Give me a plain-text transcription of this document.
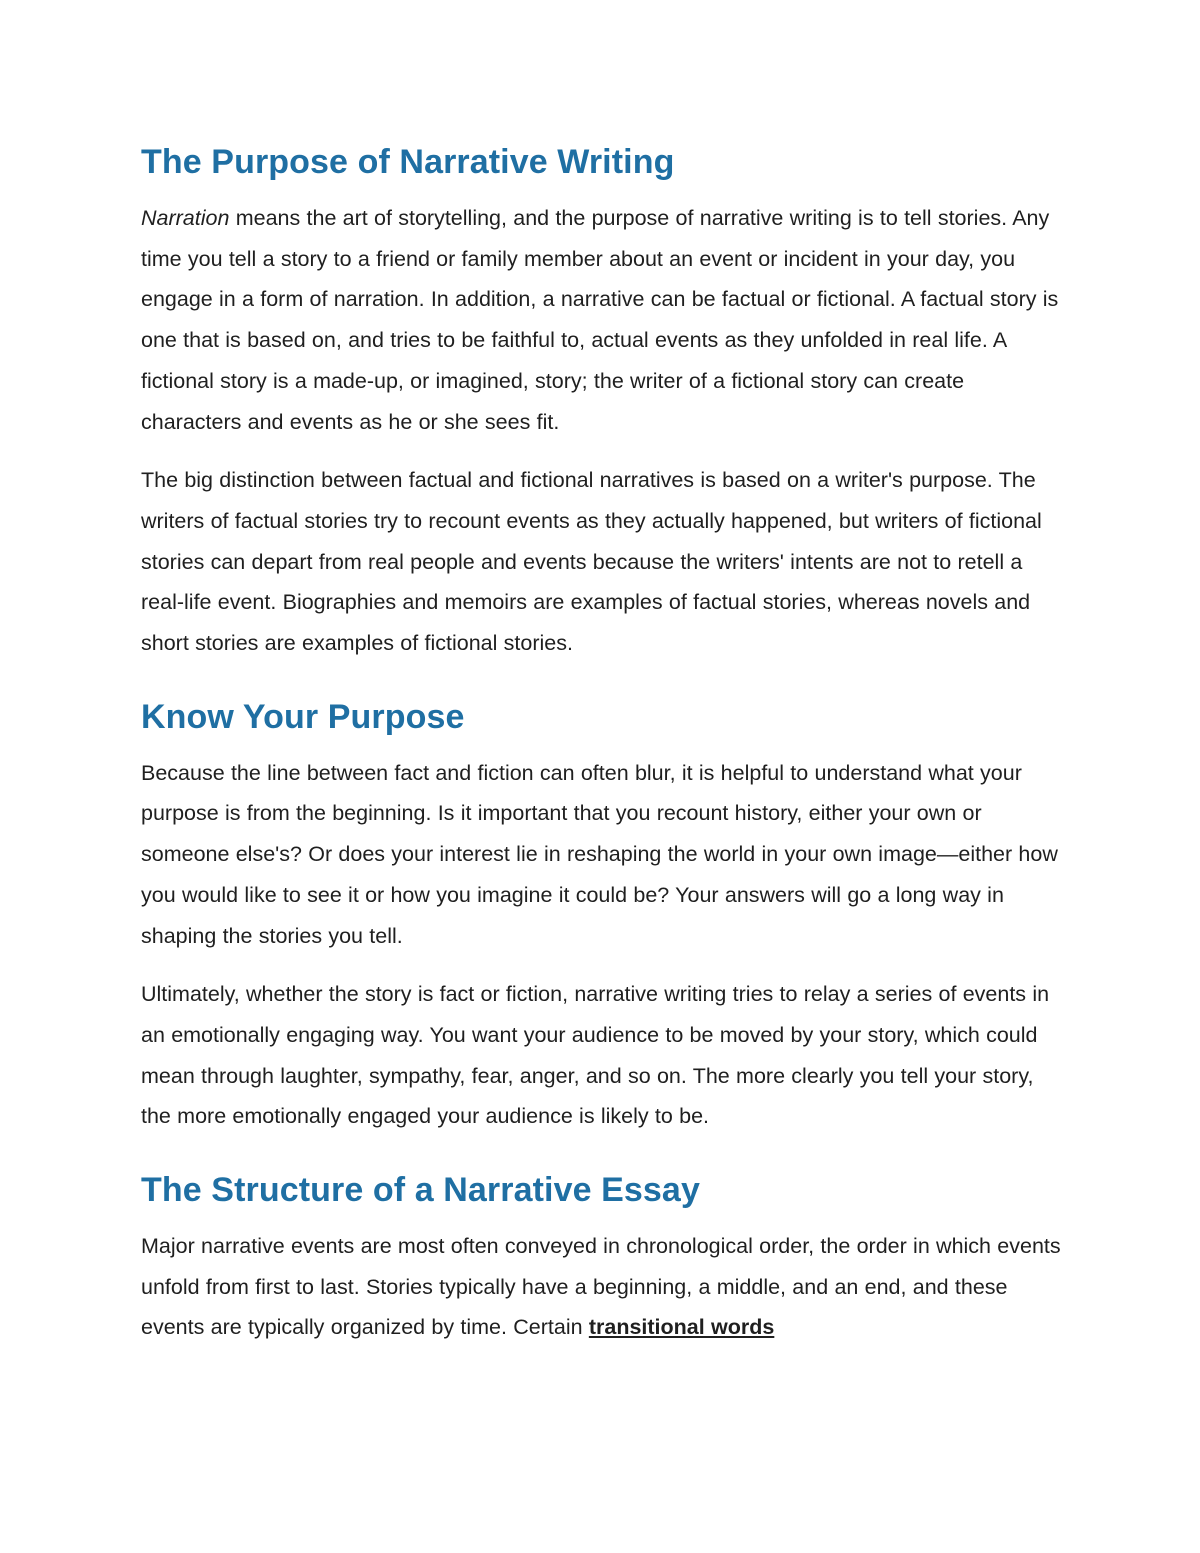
The Purpose of Narrative Writing

Narration means the art of storytelling, and the purpose of narrative writing is to tell stories. Any time you tell a story to a friend or family member about an event or incident in your day, you engage in a form of narration. In addition, a narrative can be factual or fictional. A factual story is one that is based on, and tries to be faithful to, actual events as they unfolded in real life. A fictional story is a made-up, or imagined, story; the writer of a fictional story can create characters and events as he or she sees fit.

The big distinction between factual and fictional narratives is based on a writer's purpose. The writers of factual stories try to recount events as they actually happened, but writers of fictional stories can depart from real people and events because the writers' intents are not to retell a real-life event. Biographies and memoirs are examples of factual stories, whereas novels and short stories are examples of fictional stories.

Know Your Purpose

Because the line between fact and fiction can often blur, it is helpful to understand what your purpose is from the beginning. Is it important that you recount history, either your own or someone else's? Or does your interest lie in reshaping the world in your own image—either how you would like to see it or how you imagine it could be? Your answers will go a long way in shaping the stories you tell.

Ultimately, whether the story is fact or fiction, narrative writing tries to relay a series of events in an emotionally engaging way. You want your audience to be moved by your story, which could mean through laughter, sympathy, fear, anger, and so on. The more clearly you tell your story, the more emotionally engaged your audience is likely to be.

The Structure of a Narrative Essay

Major narrative events are most often conveyed in chronological order, the order in which events unfold from first to last. Stories typically have a beginning, a middle, and an end, and these events are typically organized by time. Certain transitional words
